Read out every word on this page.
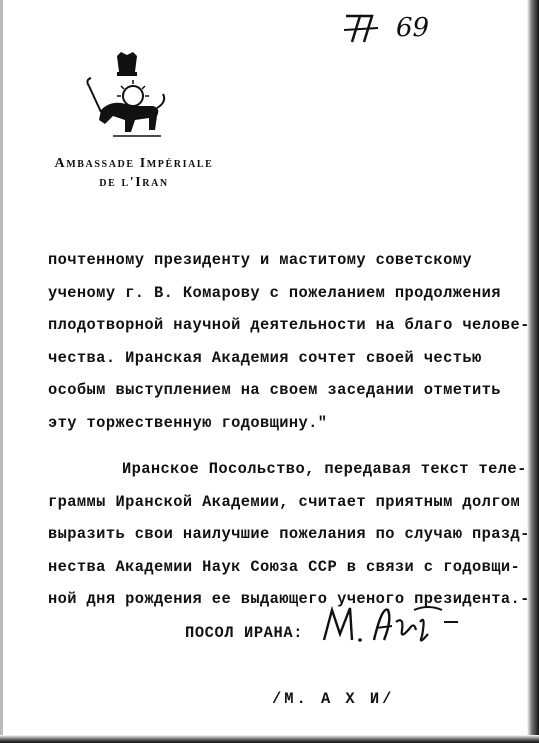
69
Ambassade Impériale
de l'Iran
почтенному президенту и маститому советскому
ученому г. В. Комарову с пожеланием продолжения
плодотворной научной деятельности на благо челове-
чества. Иранская Академия сочтет своей честью
особым выступлением на своем заседании отметить
эту торжественную годовщину."
Иранское Посольство, передавая текст теле-
граммы Иранской Академии, считает приятным долгом
выразить свои наилучшие пожелания по случаю празд-
нества Академии Наук Союза ССР в связи с годовщи-
ной дня рождения ее выдающего ученого президента.-
ПОСОЛ ИРАНА:
/М. А Х И/
